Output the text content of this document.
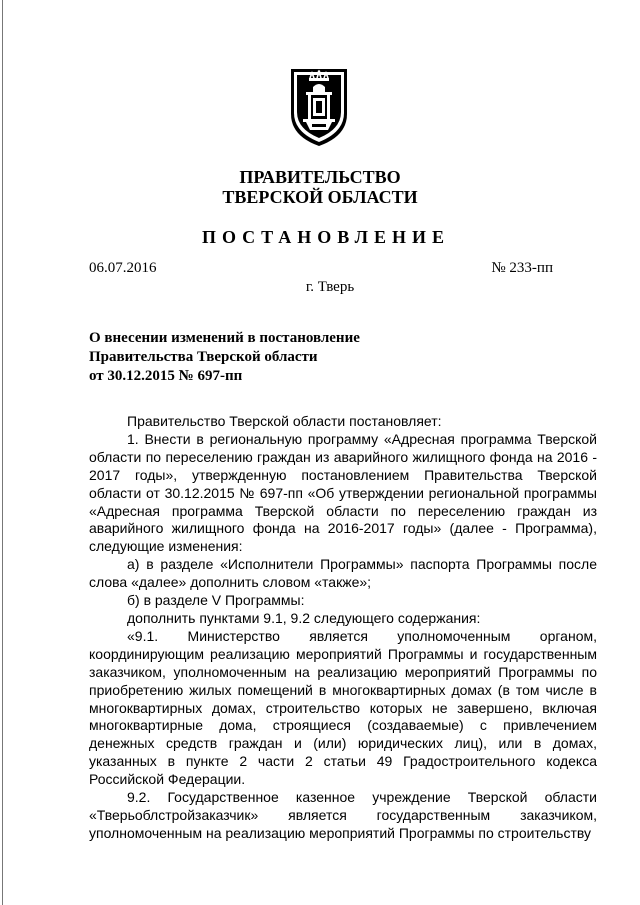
ПРАВИТЕЛЬСТВО
ТВЕРСКОЙ ОБЛАСТИ
ПОСТАНОВЛЕНИЕ
06.07.2016	№ 233-пп
г. Тверь
О внесении изменений в постановление
Правительства Тверской области
от 30.12.2015 № 697-пп

Правительство Тверской области постановляет:

1. Внести в региональную программу «Адресная программа Тверской области по переселению граждан из аварийного жилищного фонда на 2016 - 2017 годы», утвержденную постановлением Правительства Тверской области от 30.12.2015 № 697-пп «Об утверждении региональной программы «Адресная программа Тверской области по переселению граждан из аварийного жилищного фонда на 2016-2017 годы» (далее - Программа), следующие изменения:

а) в разделе «Исполнители Программы» паспорта Программы после слова «далее» дополнить словом «также»;

б) в разделе V Программы:

дополнить пунктами 9.1, 9.2 следующего содержания:

«9.1. Министерство является уполномоченным органом, координирующим реализацию мероприятий Программы и государственным заказчиком, уполномоченным на реализацию мероприятий Программы по приобретению жилых помещений в многоквартирных домах (в том числе в многоквартирных домах, строительство которых не завершено, включая многоквартирные дома, строящиеся (создаваемые) с привлечением денежных средств граждан и (или) юридических лиц), или в домах, указанных в пункте 2 части 2 статьи 49 Градостроительного кодекса Российской Федерации.

9.2. Государственное казенное учреждение Тверской области «Тверьоблстройзаказчик» является государственным заказчиком, уполномоченным на реализацию мероприятий Программы по строительству
